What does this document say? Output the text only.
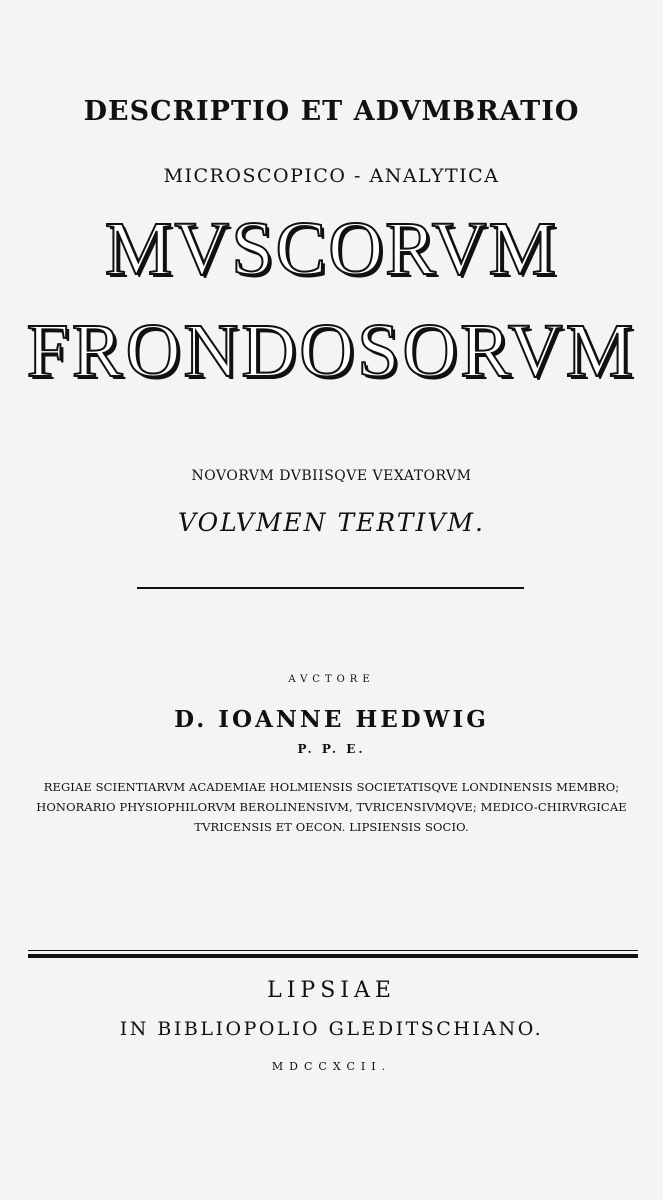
DESCRIPTIO ET ADVMBRATIO
MICROSCOPICO - ANALYTICA
MVSCORVM
FRONDOSORVM
NOVORVM DVBIISQVE VEXATORVM
VOLVMEN TERTIVM.
AVCTORE
D. IOANNE HEDWIG
P. P. E.
REGIAE SCIENTIARVM ACADEMIAE HOLMIENSIS SOCIETATISQVE LONDINENSIS MEMBRO;
HONORARIO PHYSIOPHILORVM BEROLINENSIVM, TVRICENSIVMQVE; MEDICO-CHIRVRGICAE
TVRICENSIS ET OECON. LIPSIENSIS SOCIO.
LIPSIAE
IN BIBLIOPOLIO GLEDITSCHIANO.
MDCCXCII.
